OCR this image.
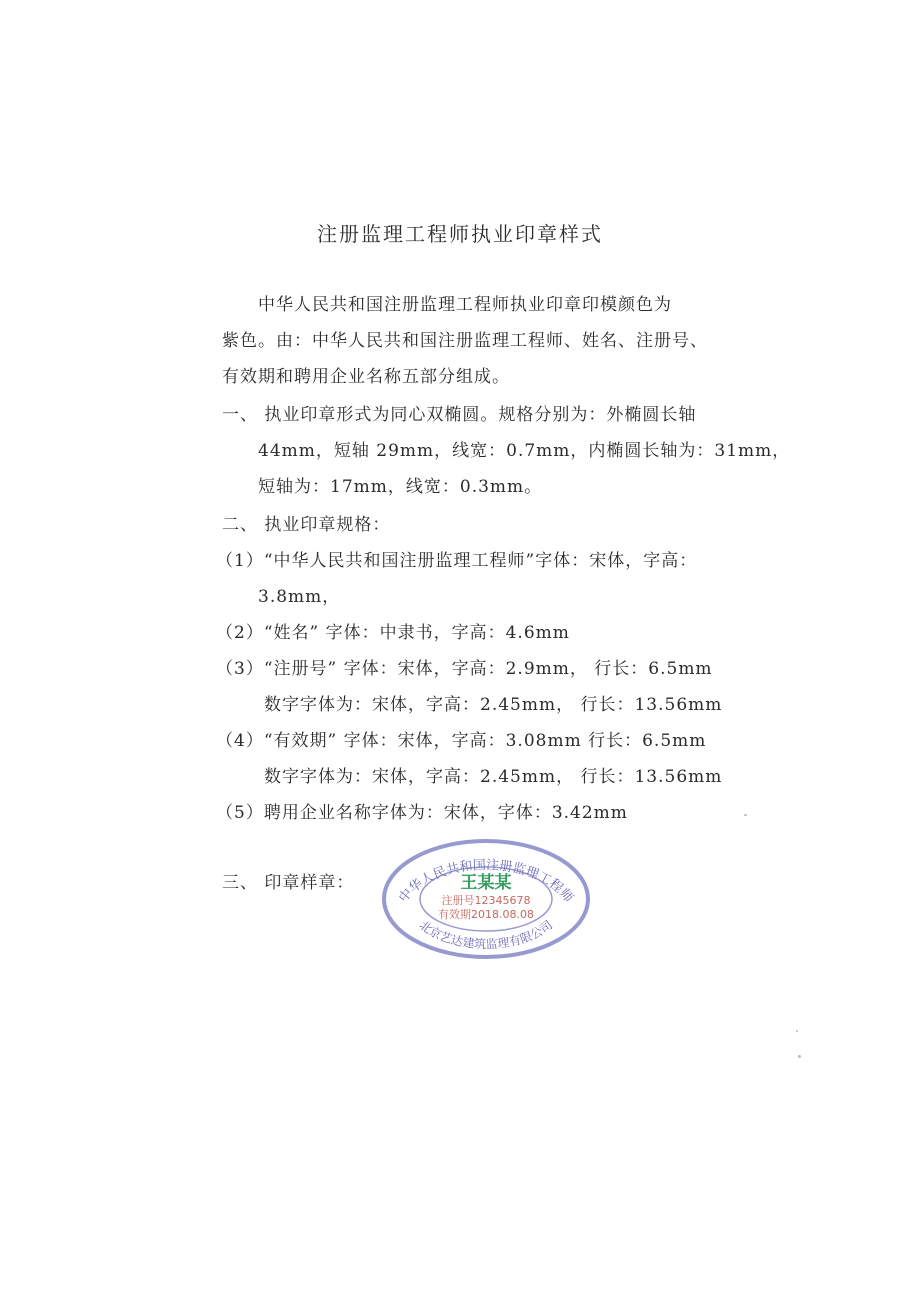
注册监理工程师执业印章样式
中华人民共和国注册监理工程师执业印章印模颜色为
紫色。由：中华人民共和国注册监理工程师、姓名、注册号、
有效期和聘用企业名称五部分组成。
一、 执业印章形式为同心双椭圆。规格分别为：外椭圆长轴
44mm，短轴 29mm，线宽：0.7mm，内椭圆长轴为：31mm，
短轴为：17mm，线宽：0.3mm。
二、 执业印章规格：
（1）“中华人民共和国注册监理工程师”字体：宋体，字高：
3.8mm，
（2）“姓名” 字体：中隶书，字高：4.6mm
（3）“注册号” 字体：宋体，字高：2.9mm， 行长：6.5mm
数字字体为：宋体，字高：2.45mm， 行长：13.56mm
（4）“有效期” 字体：宋体，字高：3.08mm 行长：6.5mm
数字字体为：宋体，字高：2.45mm， 行长：13.56mm
（5）聘用企业名称字体为：宋体，字体：3.42mm
三、 印章样章：
中华人民共和国注册监理工程师
王某某
注册号12345678
有效期2018.08.08
北京艺达建筑监理有限公司
